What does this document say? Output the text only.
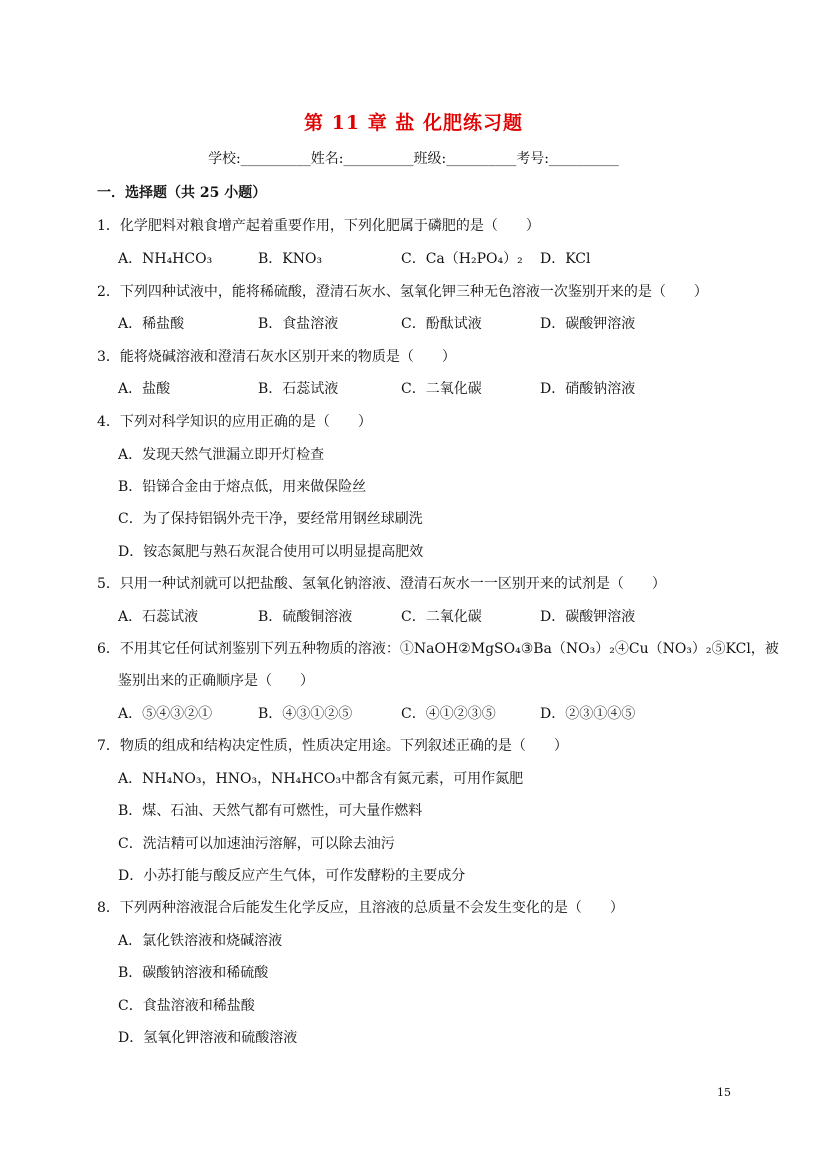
第 11 章 盐 化肥练习题
学校:__________姓名:__________班级:__________考号:__________
一．选择题（共 25 小题）
1．化学肥料对粮食增产起着重要作用，下列化肥属于磷肥的是（　　）
A．NH₄HCO₃	B．KNO₃	C．Ca（H₂PO₄）₂ D．KCl
2．下列四种试液中，能将稀硫酸，澄清石灰水、氢氧化钾三种无色溶液一次鉴别开来的是（　　）
A．稀盐酸	B．食盐溶液	C．酚酞试液	D．碳酸钾溶液
3．能将烧碱溶液和澄清石灰水区别开来的物质是（　　）
A．盐酸	B．石蕊试液	C．二氧化碳	D．硝酸钠溶液
4．下列对科学知识的应用正确的是（　　）
A．发现天然气泄漏立即开灯检查
B．铅锑合金由于熔点低，用来做保险丝
C．为了保持铝锅外壳干净，要经常用钢丝球刷洗
D．铵态氮肥与熟石灰混合使用可以明显提高肥效
5．只用一种试剂就可以把盐酸、氢氧化钠溶液、澄清石灰水一一区别开来的试剂是（　　）
A．石蕊试液	B．硫酸铜溶液	C．二氧化碳	D．碳酸钾溶液
6．不用其它任何试剂鉴别下列五种物质的溶液：①NaOH②MgSO₄③Ba（NO₃）₂④Cu（NO₃）₂⑤KCl，被
鉴别出来的正确顺序是（　　）
A．⑤④③②①	B．④③①②⑤	C．④①②③⑤	D．②③①④⑤
7．物质的组成和结构决定性质，性质决定用途。下列叙述正确的是（　　）
A．NH₄NO₃，HNO₃，NH₄HCO₃中都含有氮元素，可用作氮肥
B．煤、石油、天然气都有可燃性，可大量作燃料
C．洗洁精可以加速油污溶解，可以除去油污
D．小苏打能与酸反应产生气体，可作发酵粉的主要成分
8．下列两种溶液混合后能发生化学反应，且溶液的总质量不会发生变化的是（　　）
A．氯化铁溶液和烧碱溶液
B．碳酸钠溶液和稀硫酸
C．食盐溶液和稀盐酸
D．氢氧化钾溶液和硫酸溶液
15
